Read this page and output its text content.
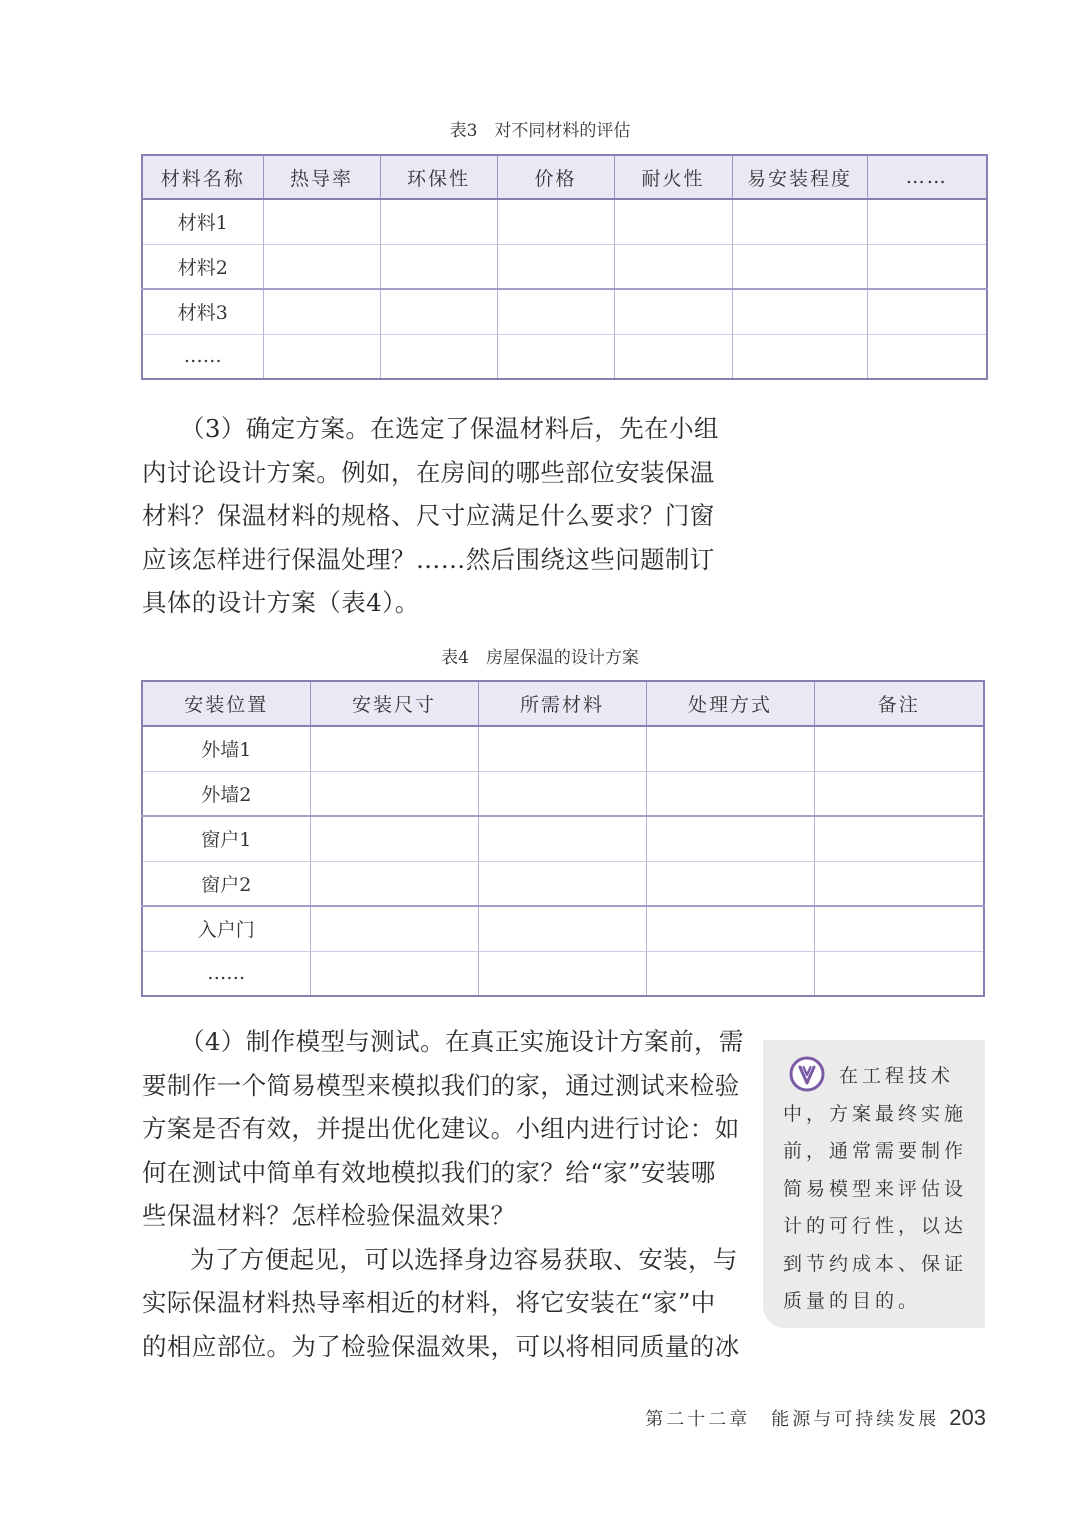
表3　对不同材料的评估
材料名称	热导率	环保性	价格	耐火性	易安装程度	……
材料1						
材料2						
材料3						
……						
（3）确定方案。在选定了保温材料后，先在小组
内讨论设计方案。例如，在房间的哪些部位安装保温
材料？保温材料的规格、尺寸应满足什么要求？门窗
应该怎样进行保温处理？……然后围绕这些问题制订
具体的设计方案（表4）。
表4　房屋保温的设计方案
安装位置	安装尺寸	所需材料	处理方式	备注
外墙1				
外墙2				
窗户1				
窗户2				
入户门				
……				
（4）制作模型与测试。在真正实施设计方案前，需
要制作一个简易模型来模拟我们的家，通过测试来检验
方案是否有效，并提出优化建议。小组内进行讨论：如
何在测试中简单有效地模拟我们的家？给“家”安装哪
些保温材料？怎样检验保温效果？
为了方便起见，可以选择身边容易获取、安装，与
实际保温材料热导率相近的材料，将它安装在“家”中
的相应部位。为了检验保温效果，可以将相同质量的冰
在工程技术中，方案最终实施前，通常需要制作简易模型来评估设计的可行性，以达到节约成本、保证质量的目的。
第二十二章　能源与可持续发展 203
